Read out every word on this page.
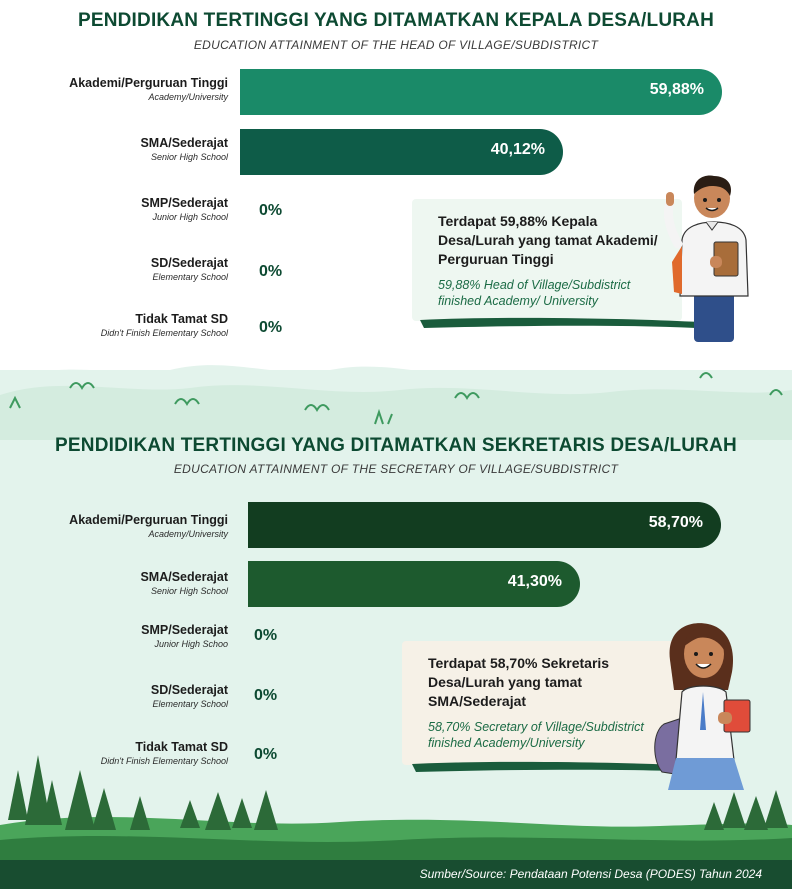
Sumber/Source: Pendataan Potensi Desa (PODES) Tahun 2024
PENDIDIKAN TERTINGGI YANG DITAMATKAN KEPALA DESA/LURAH
EDUCATION ATTAINMENT OF THE HEAD OF VILLAGE/SUBDISTRICT
Akademi/Perguruan Tinggi
Academy/University
SMA/Sederajat
Senior High School
SMP/Sederajat
Junior High School
SD/Sederajat
Elementary School
Tidak Tamat SD
Didn't Finish Elementary School
59,88%
40,12%
0%
0%
0%
Terdapat 59,88% Kepala Desa/Lurah yang tamat Akademi/ Perguruan Tinggi
59,88% Head of Village/Subdistrict finished Academy/ University
PENDIDIKAN TERTINGGI YANG DITAMATKAN SEKRETARIS DESA/LURAH
EDUCATION ATTAINMENT OF THE SECRETARY OF VILLAGE/SUBDISTRICT
Akademi/Perguruan Tinggi
Academy/University
SMA/Sederajat
Senior High School
SMP/Sederajat
Junior High Schoo
SD/Sederajat
Elementary School
Tidak Tamat SD
Didn't Finish Elementary School
58,70%
41,30%
0%
0%
0%
Terdapat 58,70% Sekretaris Desa/Lurah yang tamat SMA/Sederajat
58,70% Secretary of Village/Subdistrict finished Academy/University
